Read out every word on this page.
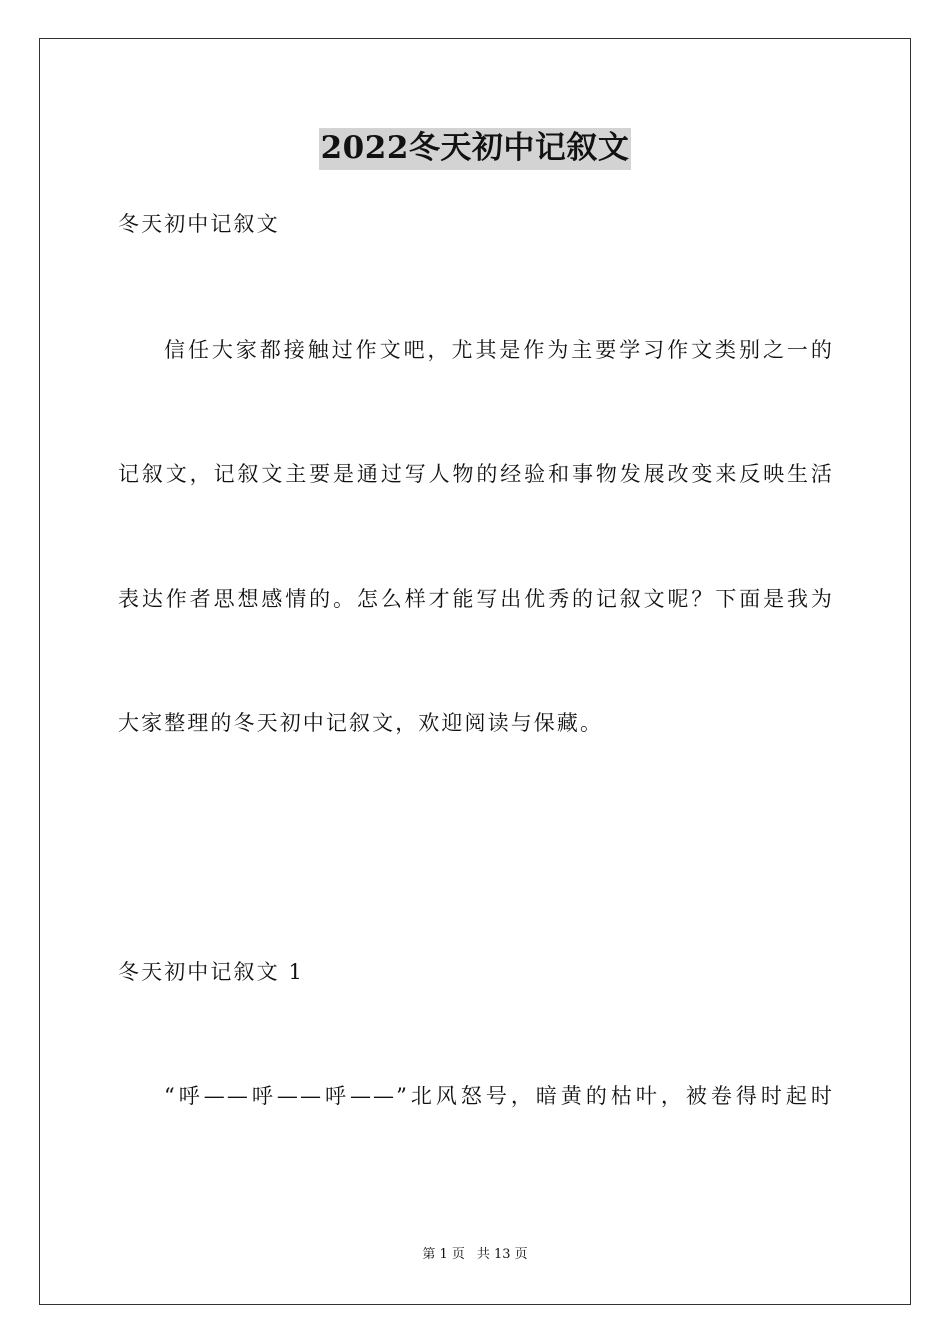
2022冬天初中记叙文
冬天初中记叙文
信任大家都接触过作文吧，尤其是作为主要学习作文类别之一的
记叙文，记叙文主要是通过写人物的经验和事物发展改变来反映生活
表达作者思想感情的。怎么样才能写出优秀的记叙文呢？下面是我为
大家整理的冬天初中记叙文，欢迎阅读与保藏。
冬天初中记叙文 1
“呼——呼——呼——”北风怒号，暗黄的枯叶，被卷得时起时
第 1 页 共 13 页
